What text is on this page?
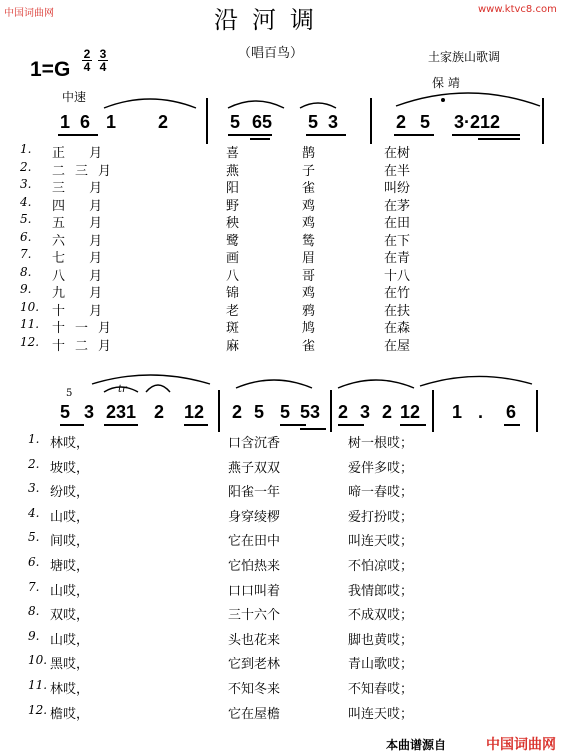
中国词曲网	www.ktvc8.com
沿河调
（唱百鸟）
$1=G \frac{2}{4} \frac{3}{4}$	土家族山歌调
保 靖
中速
1 6 1 2	5 65 5 3	2 5 3·212
1. 正 月	喜	鹊	在树
2. 二三月	燕	子	在半
3. 三 月	阳	雀	叫纷
4. 四 月	野	鸡	在茅
5. 五 月	秧	鸡	在田
6. 六 月	鹭	鸶	在下
7. 七 月	画	眉	在青
8. 八 月	八	哥	十八
9. 九 月	锦	鸡	在竹
10. 十 月	老	鸦	在扶
11. 十一月	斑	鸠	在森
12. 十二月	麻	雀	在屋
5	tr
5 3 231 2 12 2 5 5 53 2 3 2 12 1 . 6
1. 林哎，	口含沉香	树一根哎；
2. 坡哎，	燕子双双	爱伴多哎；
3. 纷哎，	阳雀一年	啼一春哎；
4. 山哎，	身穿绫椤	爱打扮哎；
5. 间哎，	它在田中	叫连天哎；
6. 塘哎，	它怕热来	不怕凉哎；
7. 山哎，	口口叫着	我情郎哎；
8. 双哎，	三十六个	不成双哎；
9. 山哎，	头也花来	脚也黄哎；
10. 黑哎，	它到老林	青山歌哎；
11. 林哎，	不知冬来	不知春哎；
12. 檐哎，	它在屋檐	叫连天哎；
本曲谱源自	中国词曲网
